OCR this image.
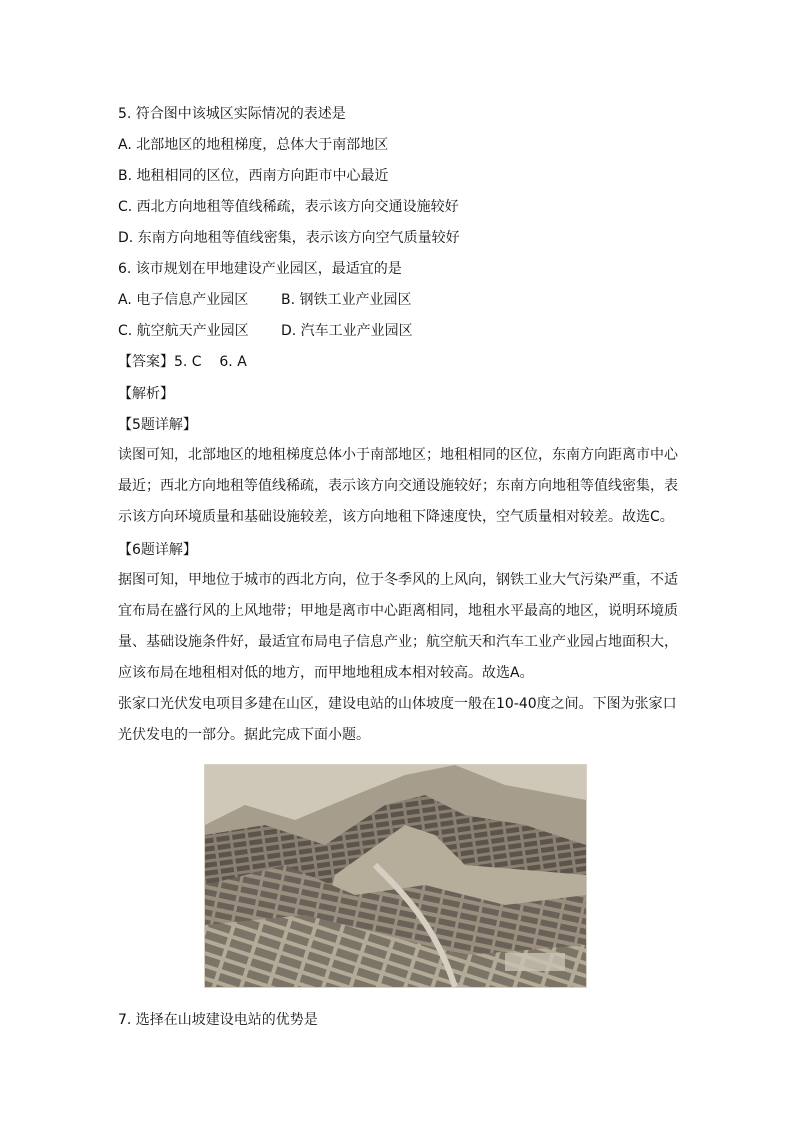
5. 符合图中该城区实际情况的表述是
A. 北部地区的地租梯度，总体大于南部地区
B. 地租相同的区位，西南方向距市中心最近
C. 西北方向地租等值线稀疏，表示该方向交通设施较好
D. 东南方向地租等值线密集，表示该方向空气质量较好
6. 该市规划在甲地建设产业园区，最适宜的是
A. 电子信息产业园区 B. 钢铁工业产业园区
C. 航空航天产业园区 D. 汽车工业产业园区
【答案】5. C    6. A
【解析】
【5题详解】
读图可知，北部地区的地租梯度总体小于南部地区；地租相同的区位，东南方向距离市中心最近；西北方向地租等值线稀疏，表示该方向交通设施较好；东南方向地租等值线密集，表示该方向环境质量和基础设施较差，该方向地租下降速度快，空气质量相对较差。故选C。
【6题详解】
据图可知，甲地位于城市的西北方向，位于冬季风的上风向，钢铁工业大气污染严重，不适宜布局在盛行风的上风地带；甲地是离市中心距离相同，地租水平最高的地区，说明环境质量、基础设施条件好，最适宜布局电子信息产业；航空航天和汽车工业产业园占地面积大，应该布局在地租相对低的地方，而甲地地租成本相对较高。故选A。
张家口光伏发电项目多建在山区，建设电站的山体坡度一般在10-40度之间。下图为张家口光伏发电的一部分。据此完成下面小题。
7. 选择在山坡建设电站的优势是
